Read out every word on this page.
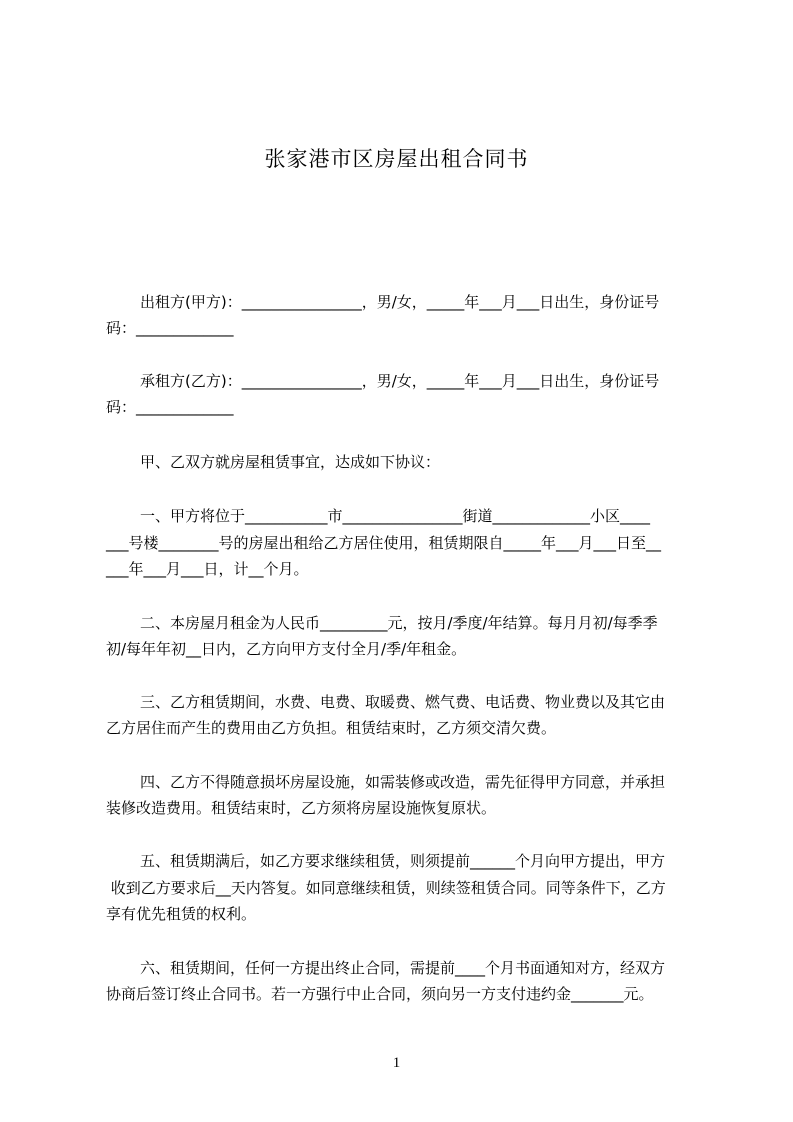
张家港市区房屋出租合同书
出租方(甲方)：________________，男/女，_____年___月___日出生，身份证号
码：_____________
承租方(乙方)：________________，男/女，_____年___月___日出生，身份证号
码：_____________
甲、乙双方就房屋租赁事宜，达成如下协议：
一、甲方将位于___________市________________街道_____________小区____
___号楼________号的房屋出租给乙方居住使用，租赁期限自_____年___月___日至__
___年___月___日，计__个月。
二、本房屋月租金为人民币_________元，按月/季度/年结算。每月月初/每季季
初/每年年初__日内，乙方向甲方支付全月/季/年租金。
三、乙方租赁期间，水费、电费、取暖费、燃气费、电话费、物业费以及其它由
乙方居住而产生的费用由乙方负担。租赁结束时，乙方须交清欠费。
四、乙方不得随意损坏房屋设施，如需装修或改造，需先征得甲方同意，并承担
装修改造费用。租赁结束时，乙方须将房屋设施恢复原状。
五、租赁期满后，如乙方要求继续租赁，则须提前______个月向甲方提出，甲方
收到乙方要求后__天内答复。如同意继续租赁，则续签租赁合同。同等条件下，乙方
享有优先租赁的权利。
六、租赁期间，任何一方提出终止合同，需提前____个月书面通知对方，经双方
协商后签订终止合同书。若一方强行中止合同，须向另一方支付违约金_______元。
1
